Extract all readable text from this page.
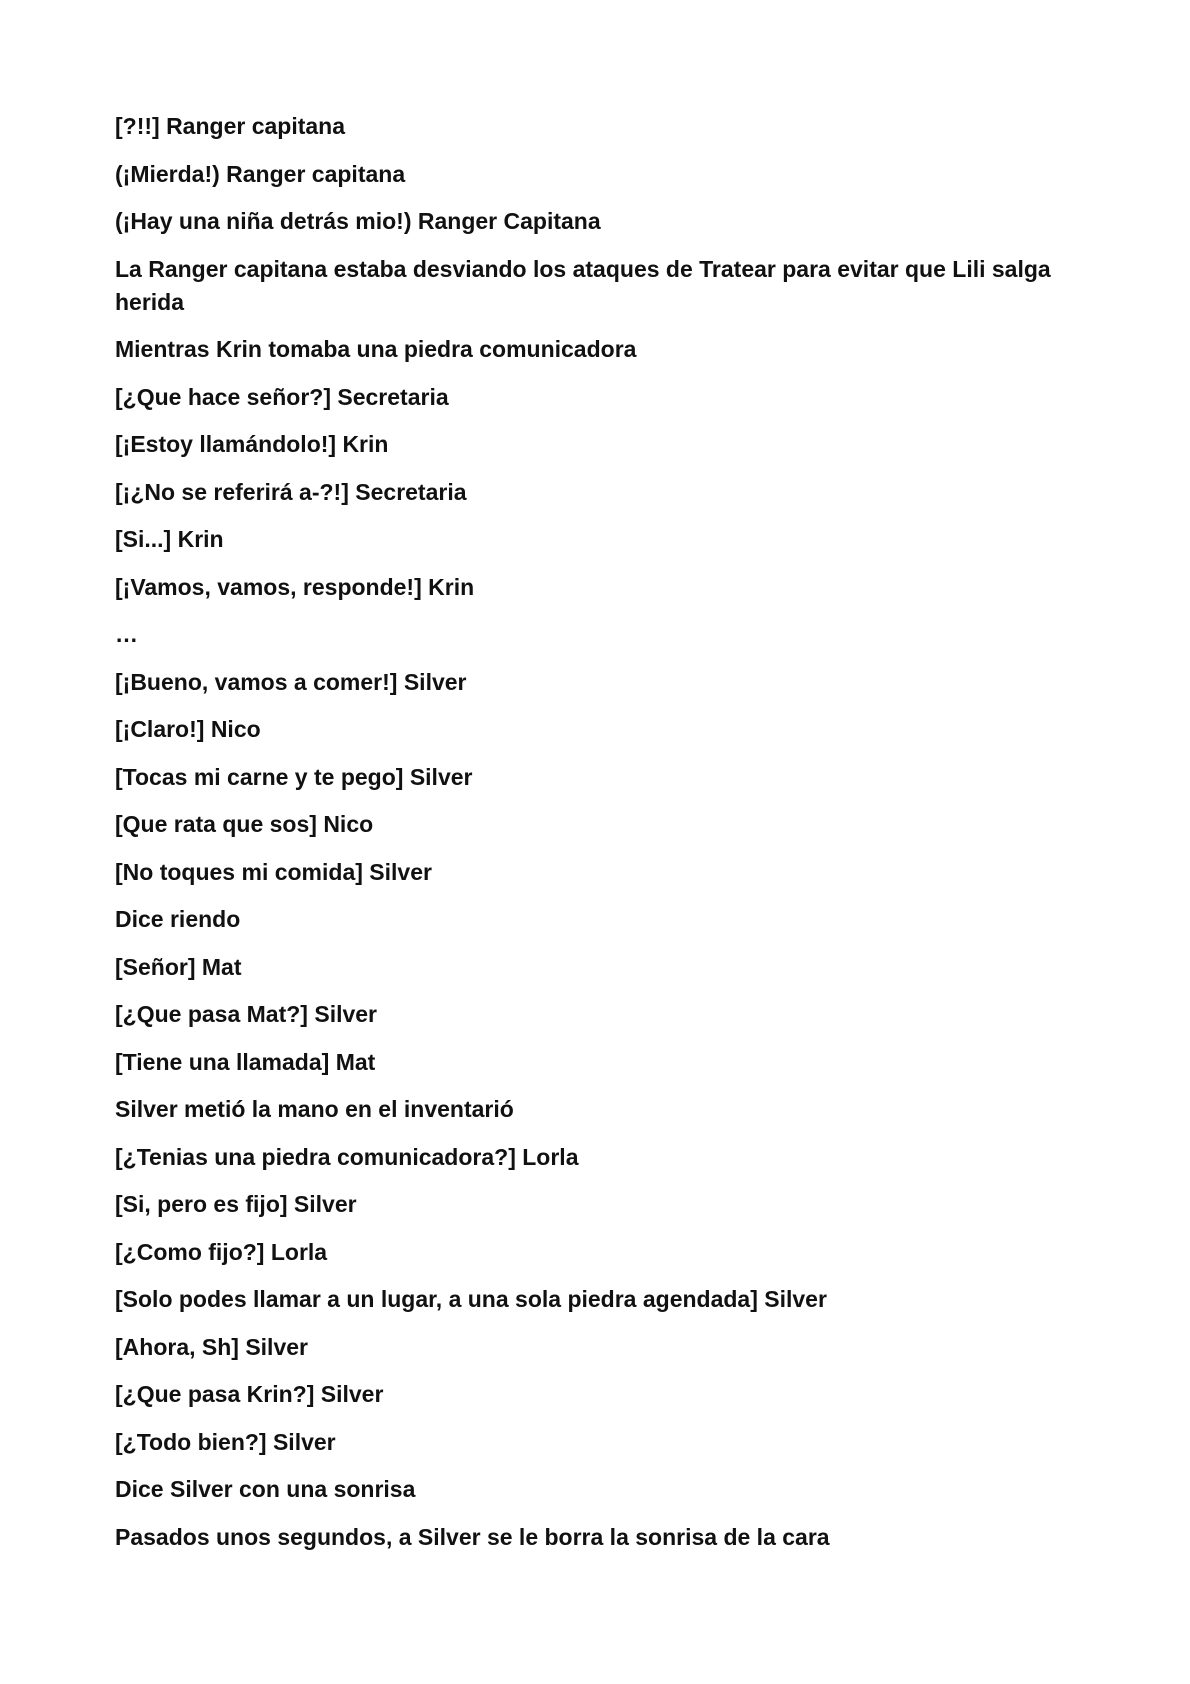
[?!!] Ranger capitana

(¡Mierda!) Ranger capitana

(¡Hay una niña detrás mio!) Ranger Capitana

La Ranger capitana estaba desviando los ataques de Tratear para evitar que Lili salga herida

Mientras Krin tomaba una piedra comunicadora

[¿Que hace señor?] Secretaria

[¡Estoy llamándolo!] Krin

[¡¿No se referirá a-?!] Secretaria

[Si...] Krin

[¡Vamos, vamos, responde!] Krin

…

[¡Bueno, vamos a comer!] Silver

[¡Claro!] Nico

[Tocas mi carne y te pego] Silver

[Que rata que sos] Nico

[No toques mi comida] Silver

Dice riendo

[Señor] Mat

[¿Que pasa Mat?] Silver

[Tiene una llamada] Mat

Silver metió la mano en el inventarió

[¿Tenias una piedra comunicadora?] Lorla

[Si, pero es fijo] Silver

[¿Como fijo?] Lorla

[Solo podes llamar a un lugar, a una sola piedra agendada] Silver

[Ahora, Sh] Silver

[¿Que pasa Krin?] Silver

[¿Todo bien?] Silver

Dice Silver con una sonrisa

Pasados unos segundos, a Silver se le borra la sonrisa de la cara
